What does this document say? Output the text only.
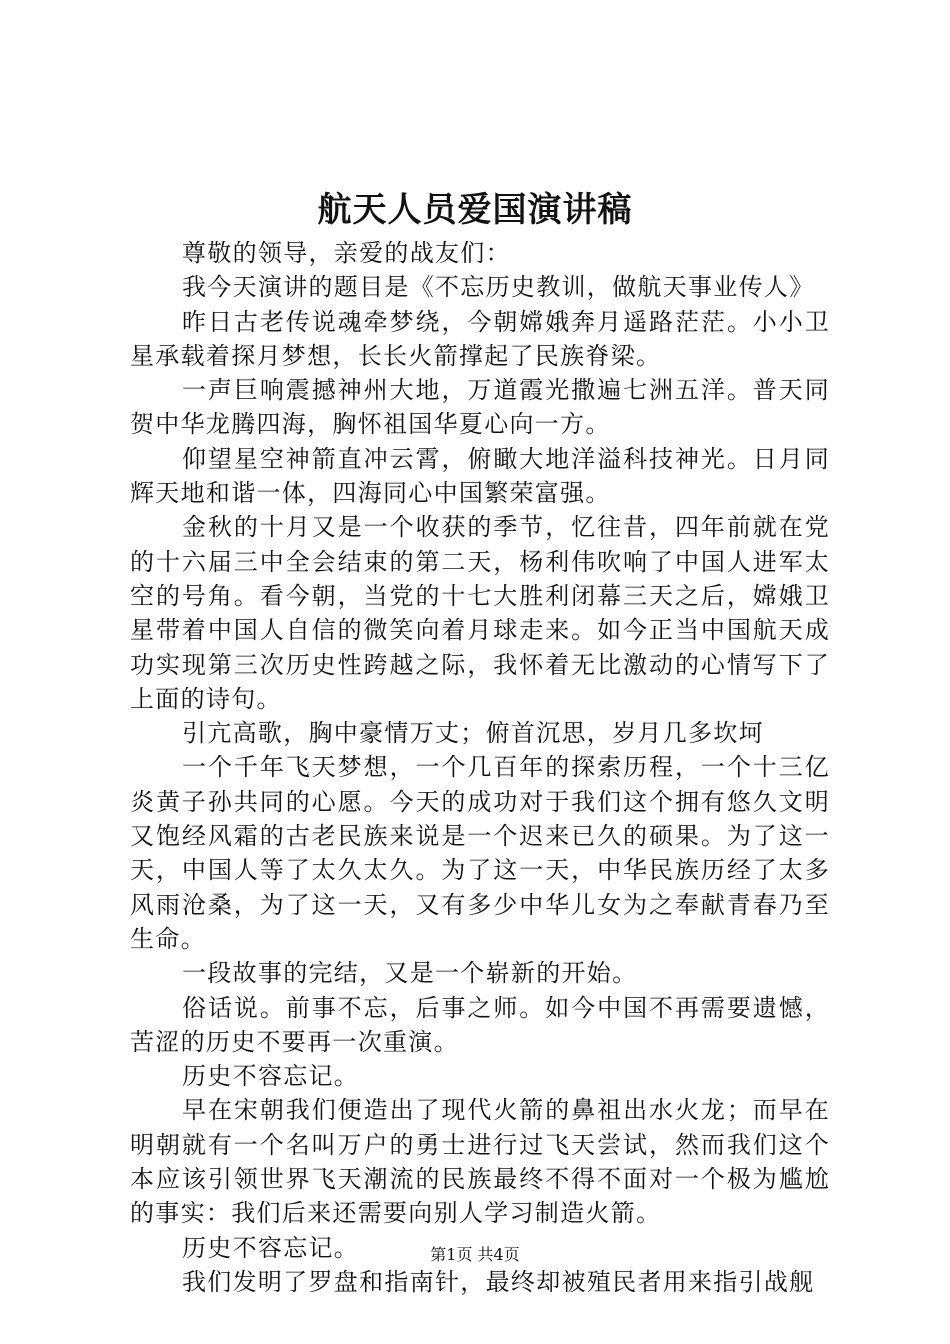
航天人员爱国演讲稿

尊敬的领导，亲爱的战友们：

我今天演讲的题目是《不忘历史教训，做航天事业传人》

昨日古老传说魂牵梦绕，今朝嫦娥奔月遥路茫茫。小小卫星承载着探月梦想，长长火箭撑起了民族脊梁。

一声巨响震撼神州大地，万道霞光撒遍七洲五洋。普天同贺中华龙腾四海，胸怀祖国华夏心向一方。

仰望星空神箭直冲云霄，俯瞰大地洋溢科技神光。日月同辉天地和谐一体，四海同心中国繁荣富强。

金秋的十月又是一个收获的季节，忆往昔，四年前就在党的十六届三中全会结束的第二天，杨利伟吹响了中国人进军太空的号角。看今朝，当党的十七大胜利闭幕三天之后，嫦娥卫星带着中国人自信的微笑向着月球走来。如今正当中国航天成功实现第三次历史性跨越之际，我怀着无比激动的心情写下了上面的诗句。

引亢高歌，胸中豪情万丈；俯首沉思，岁月几多坎坷

一个千年飞天梦想，一个几百年的探索历程，一个十三亿炎黄子孙共同的心愿。今天的成功对于我们这个拥有悠久文明又饱经风霜的古老民族来说是一个迟来已久的硕果。为了这一天，中国人等了太久太久。为了这一天，中华民族历经了太多风雨沧桑，为了这一天，又有多少中华儿女为之奉献青春乃至生命。

一段故事的完结，又是一个崭新的开始。

俗话说。前事不忘，后事之师。如今中国不再需要遗憾，苦涩的历史不要再一次重演。

历史不容忘记。

早在宋朝我们便造出了现代火箭的鼻祖出水火龙；而早在明朝就有一个名叫万户的勇士进行过飞天尝试，然而我们这个本应该引领世界飞天潮流的民族最终不得不面对一个极为尴尬的事实：我们后来还需要向别人学习制造火箭。

历史不容忘记。

我们发明了罗盘和指南针，最终却被殖民者用来指引战舰

第1页 共4页
